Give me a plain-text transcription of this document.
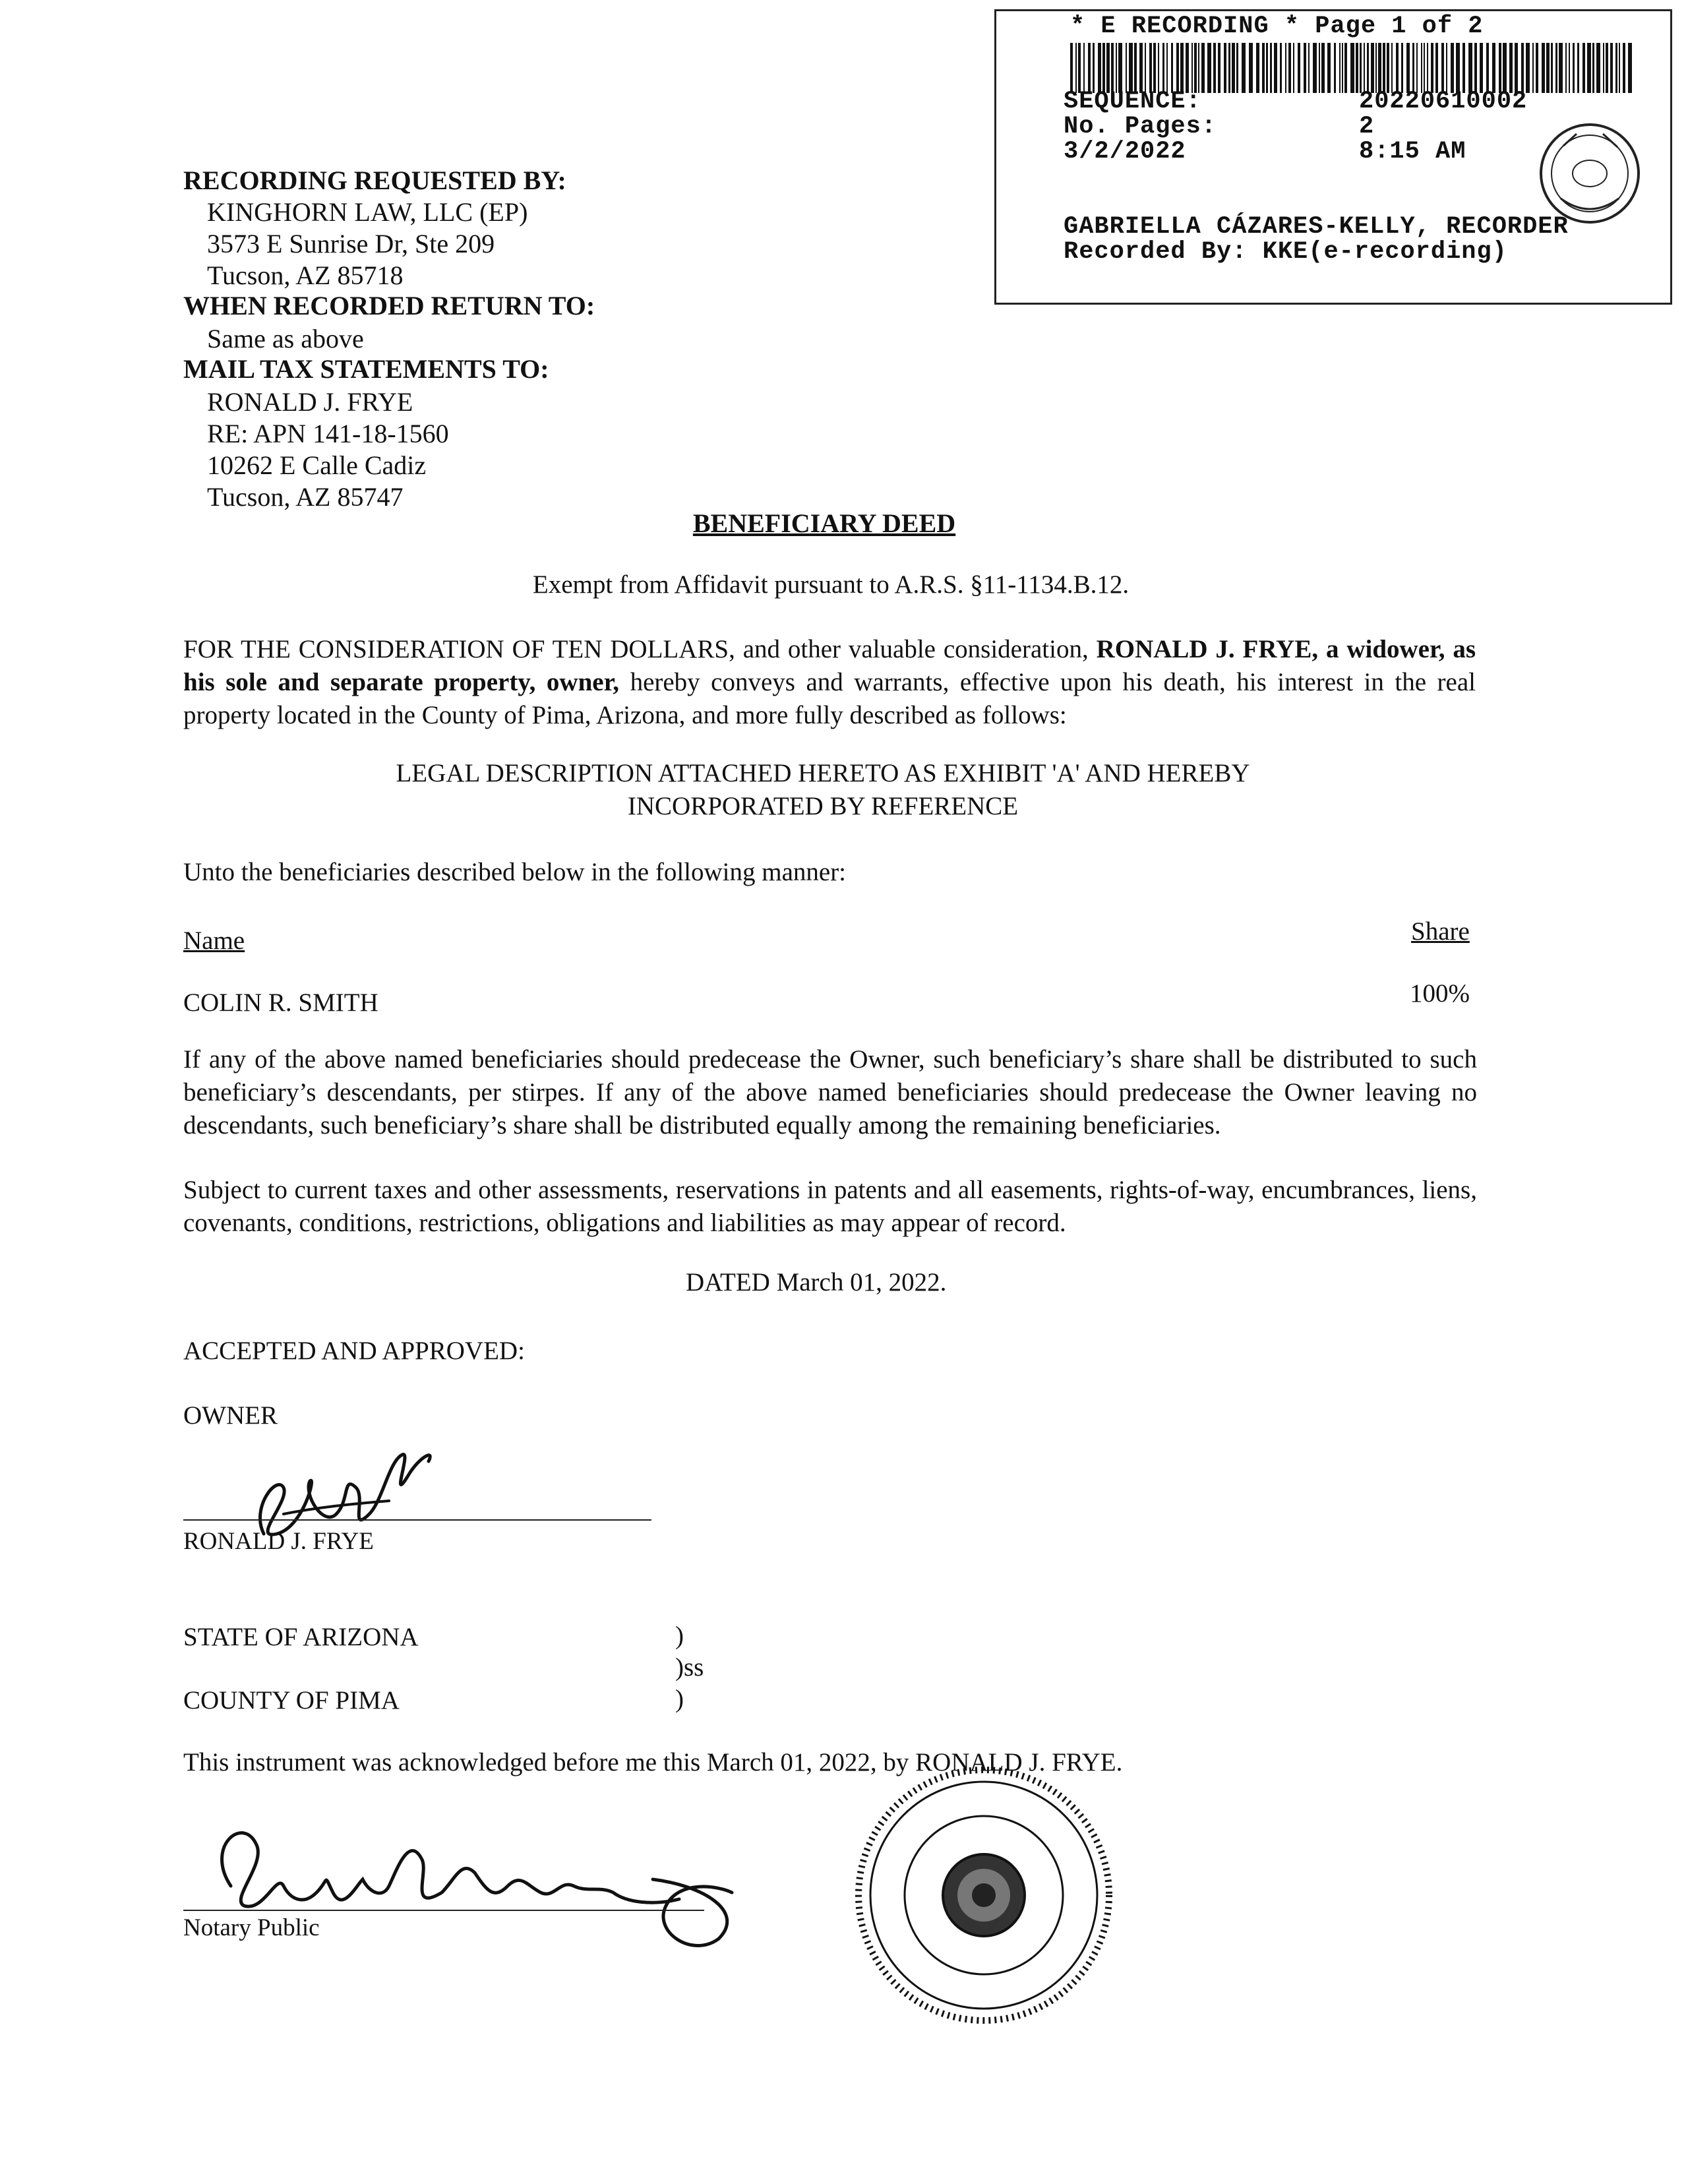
* E RECORDING * Page 1 of 2
SEQUENCE:	20220610002
No. Pages:	2
3/2/2022	8:15 AM
GABRIELLA CÁZARES-KELLY, RECORDER
Recorded By: KKE(e-recording)
RECORDING REQUESTED BY:
KINGHORN LAW, LLC (EP)
3573 E Sunrise Dr, Ste 209
Tucson, AZ 85718
WHEN RECORDED RETURN TO:
Same as above
MAIL TAX STATEMENTS TO:
RONALD J. FRYE
RE: APN 141-18-1560
10262 E Calle Cadiz
Tucson, AZ 85747
BENEFICIARY DEED
Exempt from Affidavit pursuant to A.R.S. §11-1134.B.12.
FOR THE CONSIDERATION OF TEN DOLLARS, and other valuable consideration, RONALD J. FRYE, a widower, as his sole and separate property, owner, hereby conveys and warrants, effective upon his death, his interest in the real property located in the County of Pima, Arizona, and more fully described as follows:
LEGAL DESCRIPTION ATTACHED HERETO AS EXHIBIT 'A' AND HEREBY
INCORPORATED BY REFERENCE
Unto the beneficiaries described below in the following manner:
Name	Share
COLIN R. SMITH	100%
If any of the above named beneficiaries should predecease the Owner, such beneficiary’s share shall be distributed to such beneficiary’s descendants, per stirpes. If any of the above named beneficiaries should predecease the Owner leaving no descendants, such beneficiary’s share shall be distributed equally among the remaining beneficiaries.
Subject to current taxes and other assessments, reservations in patents and all easements, rights-of-way, encumbrances, liens, covenants, conditions, restrictions, obligations and liabilities as may appear of record.
DATED March 01, 2022.
ACCEPTED AND APPROVED:
OWNER
RONALD J. FRYE
STATE OF ARIZONA	)
)ss
COUNTY OF PIMA	)
This instrument was acknowledged before me this March 01, 2022, by RONALD J. FRYE.
Notary Public
